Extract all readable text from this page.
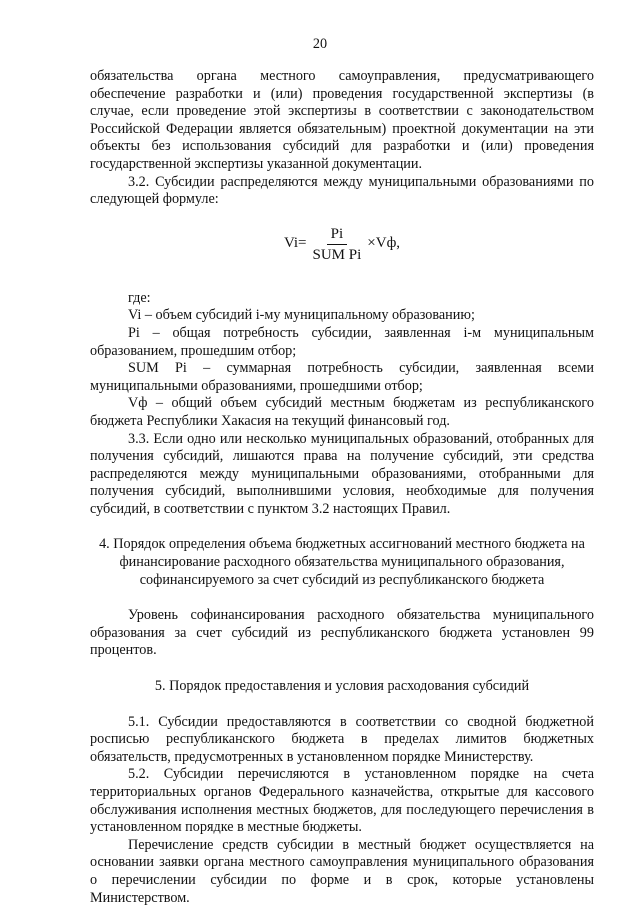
20

обязательства органа местного самоуправления, предусматривающего обеспечение разработки и (или) проведения государственной экспертизы (в случае, если проведение этой экспертизы в соответствии с законодательством Российской Федерации является обязательным) проектной документации на эти объекты без использования субсидий для разработки и (или) проведения государственной экспертизы указанной документации.

3.2. Субсидии распределяются между муниципальными образованиями по следующей формуле:

$Vi= \frac{Pi}{\text{SUM Pi}} \times Vф$,

где:

Vi – объем субсидий i-му муниципальному образованию;

Pi – общая потребность субсидии, заявленная i-м муниципальным образованием, прошедшим отбор;

SUM Pi – суммарная потребность субсидии, заявленная всеми муниципальными образованиями, прошедшими отбор;

Vф – общий объем субсидий местным бюджетам из республиканского бюджета Республики Хакасия на текущий финансовый год.

3.3. Если одно или несколько муниципальных образований, отобранных для получения субсидий, лишаются права на получение субсидий, эти средства распределяются между муниципальными образованиями, отобранными для получения субсидий, выполнившими условия, необходимые для получения субсидий, в соответствии с пунктом 3.2 настоящих Правил.

4. Порядок определения объема бюджетных ассигнований местного бюджета на

финансирование расходного обязательства муниципального образования,

софинансируемого за счет субсидий из республиканского бюджета

Уровень софинансирования расходного обязательства муниципального образования за счет субсидий из республиканского бюджета установлен 99 процентов.

5. Порядок предоставления и условия расходования субсидий

5.1. Субсидии предоставляются в соответствии со сводной бюджетной росписью республиканского бюджета в пределах лимитов бюджетных обязательств, предусмотренных в установленном порядке Министерству.

5.2. Субсидии перечисляются в установленном порядке на счета территориальных органов Федерального казначейства, открытые для кассового обслуживания исполнения местных бюджетов, для последующего перечисления в установленном порядке в местные бюджеты.

Перечисление средств субсидии в местный бюджет осуществляется на основании заявки органа местного самоуправления муниципального образования о перечислении субсидии по форме и в срок, которые установлены Министерством.
